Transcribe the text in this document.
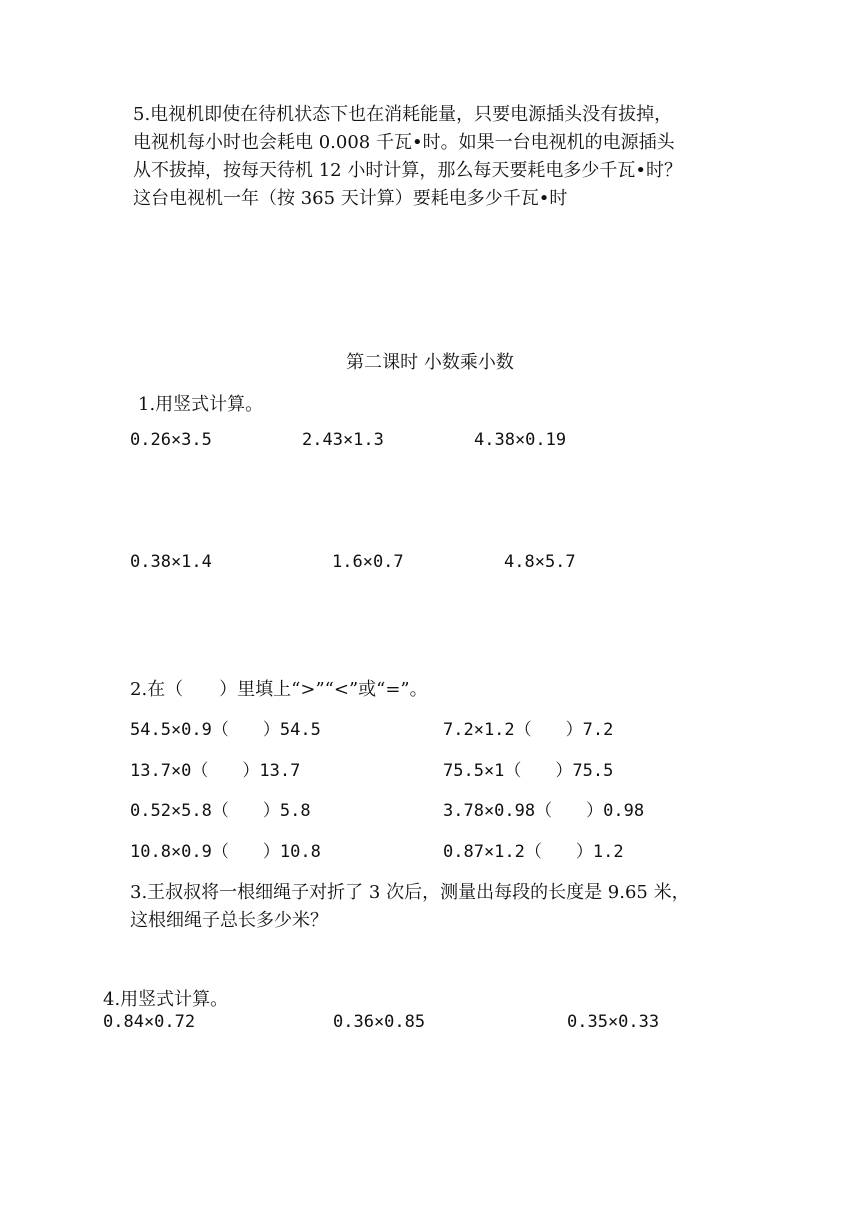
5.电视机即使在待机状态下也在消耗能量，只要电源插头没有拔掉，
电视机每小时也会耗电 0.008 千瓦•时。如果一台电视机的电源插头
从不拔掉，按每天待机 12 小时计算，那么每天要耗电多少千瓦•时？
这台电视机一年（按 365 天计算）要耗电多少千瓦•时
第二课时 小数乘小数
1.用竖式计算。
0.26×3.5	2.43×1.3	4.38×0.19
0.38×1.4	1.6×0.7	4.8×5.7
2.在（　　）里填上“>”“<”或“=”。
54.5×0.9（　　）54.5	7.2×1.2（　　）7.2
13.7×0（　　）13.7	75.5×1（　　）75.5
0.52×5.8（　　）5.8	3.78×0.98（　　）0.98
10.8×0.9（　　）10.8	0.87×1.2（　　）1.2
3.王叔叔将一根细绳子对折了 3 次后，测量出每段的长度是 9.65 米，
这根细绳子总长多少米？
4.用竖式计算。
0.84×0.72	0.36×0.85	0.35×0.33
